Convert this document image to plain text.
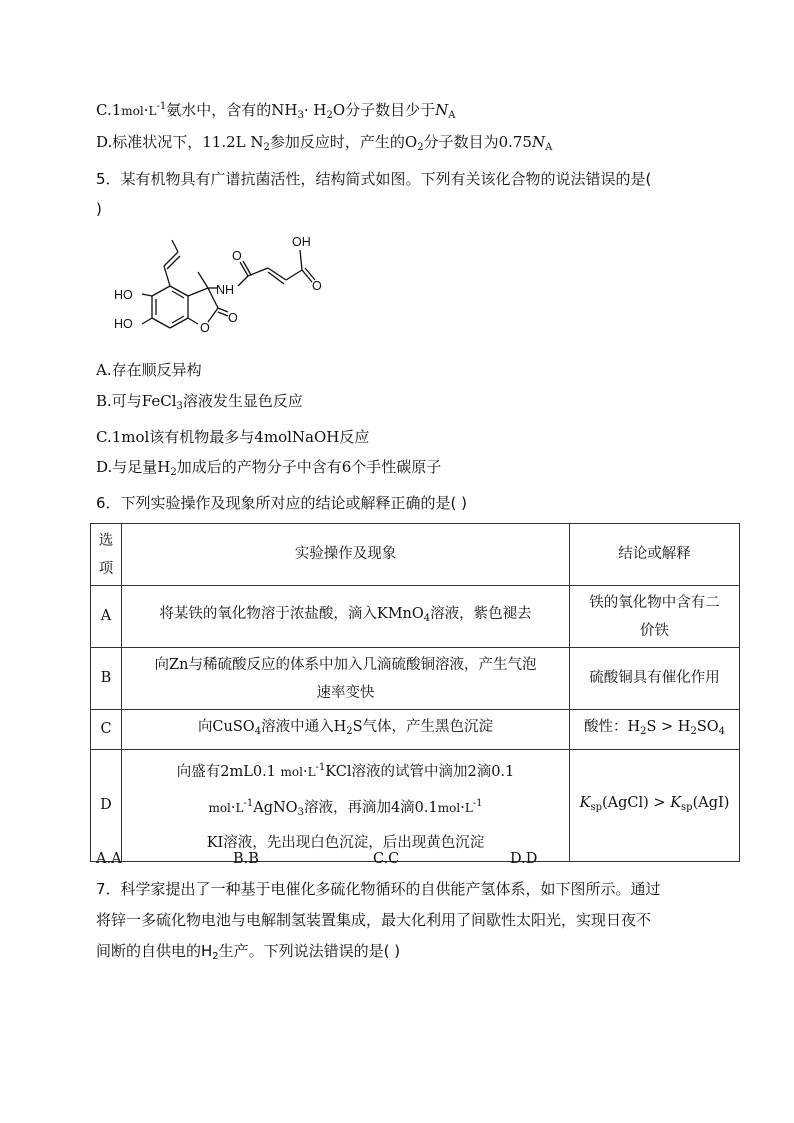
$C.1mol\cdot L^{-1}$氨水中，含有的$NH_3\cdot H_2O$分子数目少于$N_A$
D.标准状况下，11.2L $N_2$参加反应时，产生的$O_2$分子数目为$0.75N_A$
5．某有机物具有广谱抗菌活性，结构简式如图。下列有关该化合物的说法错误的是(
)
OH
O
NH
HO
HO	O
O
O
A.存在顺反异构
B.可与FeCl$_3$溶液发生显色反应
C.1mol该有机物最多与4molNaOH反应
D.与足量$H_2$加成后的产物分子中含有6个手性碳原子
6．下列实验操作及现象所对应的结论或解释正确的是( )
选
项	实验操作及现象	结论或解释
A	将某铁的氧化物溶于浓盐酸，滴入KMnO$_4$溶液，紫色褪去	铁的氧化物中含有二
价铁
B	向Zn与稀硫酸反应的体系中加入几滴硫酸铜溶液，产生气泡
速率变快	硫酸铜具有催化作用
C	向CuSO$_4$溶液中通入$H_2S$气体，产生黑色沉淀	酸性：$H_2S > H_2SO_4$
D	向盛有2mL0.1 $mol\cdot L^{-1}KCl$溶液的试管中滴加2滴0.1
$mol\cdot L^{-1}AgNO_3$溶液，再滴加4滴$0.1mol\cdot L^{-1}$
KI溶液，先出现白色沉淀，后出现黄色沉淀	$K_{sp}(AgCl) > K_{sp}(AgI)$
A.A	B.B	C.C	D.D
7．科学家提出了一种基于电催化多硫化物循环的自供能产氢体系，如下图所示。通过
将锌一多硫化物电池与电解制氢装置集成，最大化利用了间歇性太阳光，实现日夜不
间断的自供电的$H_2$生产。下列说法错误的是( )
